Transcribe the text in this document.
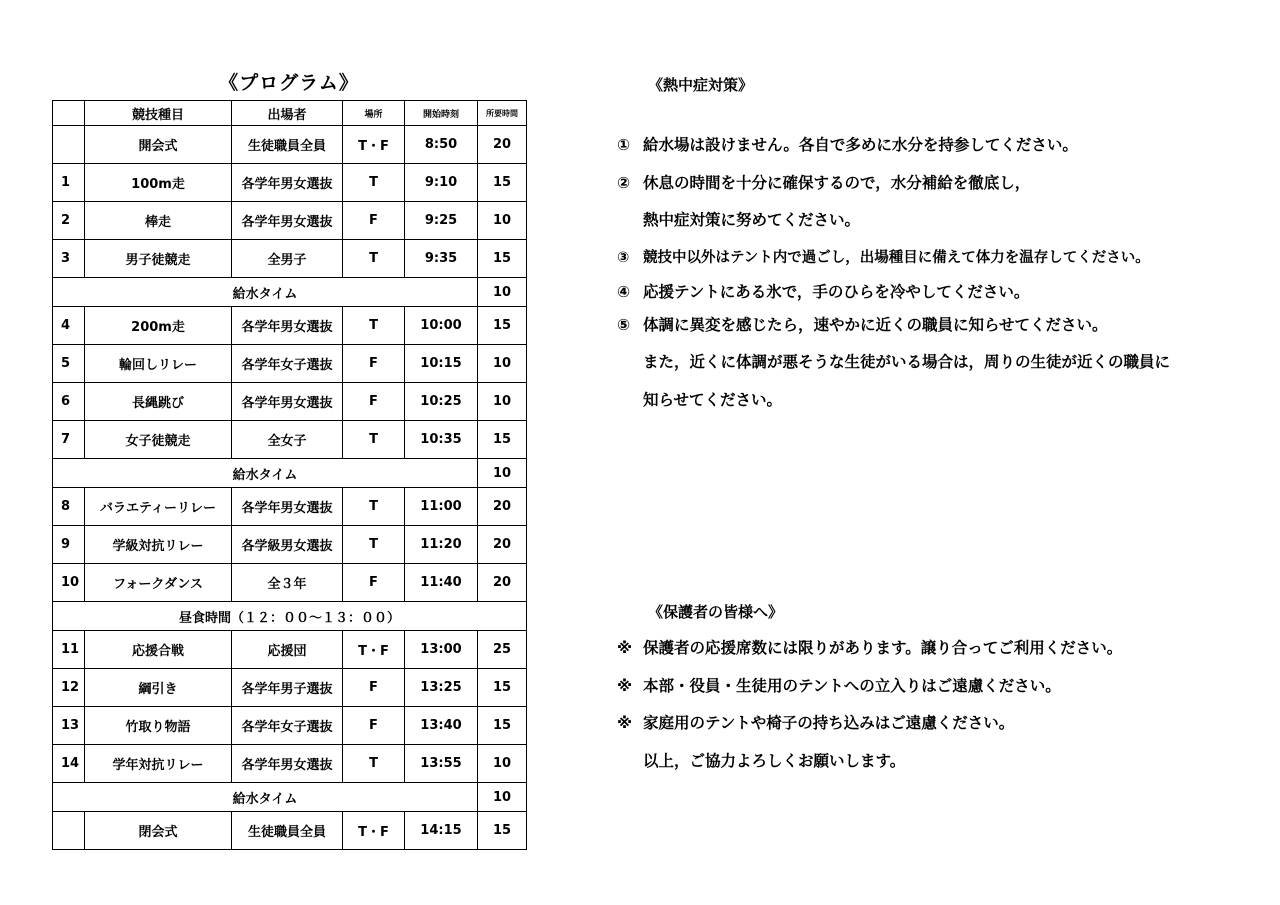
《プログラム》
	競技種目	出場者	場所	開始時刻	所要時間
	開会式	生徒職員全員	T・F	8:50	20
1	100m走	各学年男女選抜	T	9:10	15
2	棒走	各学年男女選抜	F	9:25	10
3	男子徒競走	全男子	T	9:35	15
給水タイム					10
4	200m走	各学年男女選抜	T	10:00	15
5	輪回しリレー	各学年女子選抜	F	10:15	10
6	長縄跳び	各学年男女選抜	F	10:25	10
7	女子徒競走	全女子	T	10:35	15
給水タイム					10
8	バラエティーリレー	各学年男女選抜	T	11:00	20
9	学級対抗リレー	各学級男女選抜	T	11:20	20
10	フォークダンス	全３年	F	11:40	20
昼食時間（１２：００～１３：００）					
11	応援合戦	応援団	T・F	13:00	25
12	綱引き	各学年男子選抜	F	13:25	15
13	竹取り物語	各学年女子選抜	F	13:40	15
14	学年対抗リレー	各学年男女選抜	T	13:55	10
給水タイム					10
	閉会式	生徒職員全員	T・F	14:15	15
《熱中症対策》
① 給水場は設けません。各自で多めに水分を持参してください。
② 休息の時間を十分に確保するので，水分補給を徹底し，
熱中症対策に努めてください。
③ 競技中以外はテント内で過ごし，出場種目に備えて体力を温存してください。
④ 応援テントにある氷で，手のひらを冷やしてください。
⑤ 体調に異変を感じたら，速やかに近くの職員に知らせてください。
また，近くに体調が悪そうな生徒がいる場合は，周りの生徒が近くの職員に
知らせてください。
《保護者の皆様へ》
※ 保護者の応援席数には限りがあります。譲り合ってご利用ください。
※ 本部・役員・生徒用のテントへの立入りはご遠慮ください。
※ 家庭用のテントや椅子の持ち込みはご遠慮ください。
以上，ご協力よろしくお願いします。
